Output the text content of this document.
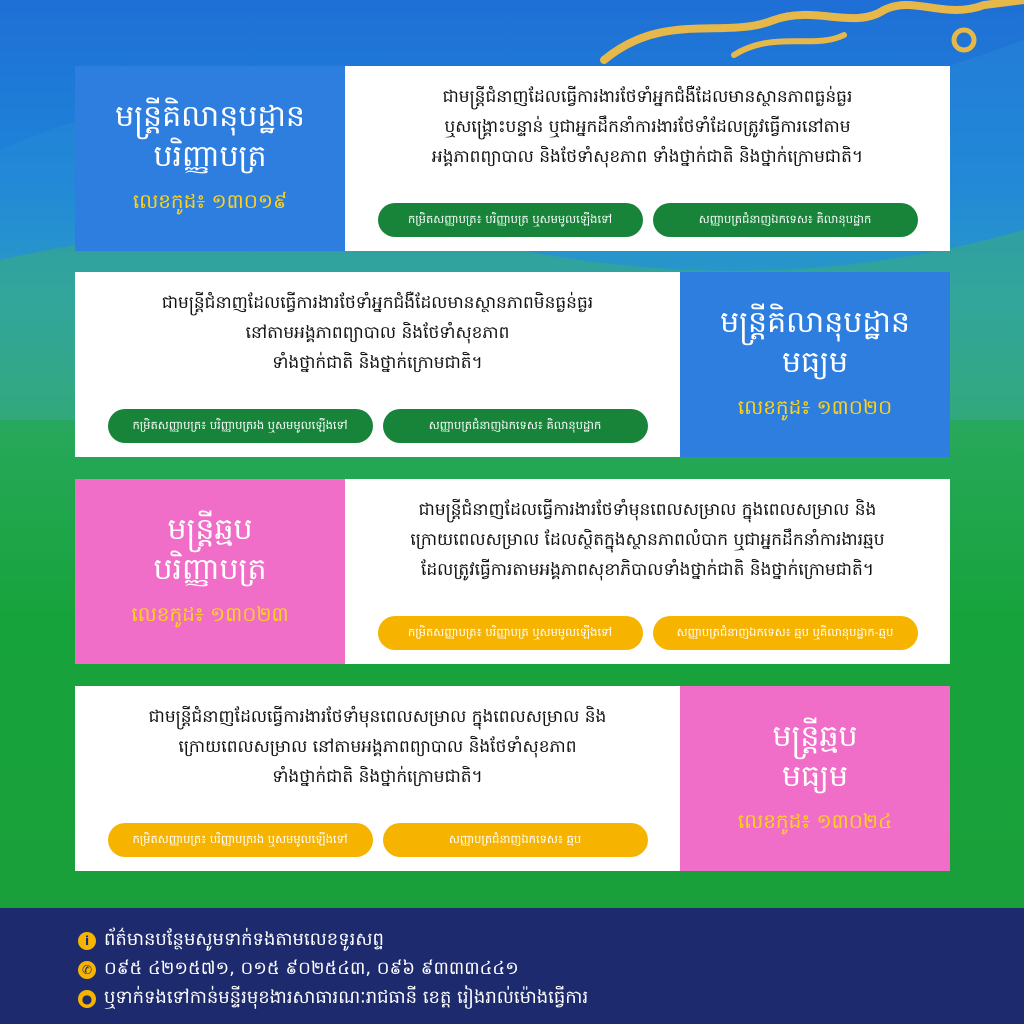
មន្ត្រីគិលានុបដ្ឋាន
បរិញ្ញាបត្រ
លេខកូដ៖ ១៣០១៩
ជាមន្ត្រីជំនាញដែលធ្វើការងារថែទាំអ្នកជំងឺដែលមានស្ថានភាពធ្ងន់ធ្ងរ
ឬសង្គ្រោះបន្ទាន់ ឬជាអ្នកដឹកនាំការងារថែទាំដែលត្រូវធ្វើការនៅតាម
អង្គភាពព្យាបាល និងថែទាំសុខភាព ទាំងថ្នាក់ជាតិ និងថ្នាក់ក្រោមជាតិ។
កម្រិតសញ្ញាបត្រ៖ បរិញ្ញាបត្រ ឬសមមូលឡើងទៅ	សញ្ញាបត្រជំនាញឯកទេស៖ គិលានុបដ្ឋាក
ជាមន្ត្រីជំនាញដែលធ្វើការងារថែទាំអ្នកជំងឺដែលមានស្ថានភាពមិនធ្ងន់ធ្ងរ
នៅតាមអង្គភាពព្យាបាល និងថែទាំសុខភាព
ទាំងថ្នាក់ជាតិ និងថ្នាក់ក្រោមជាតិ។
កម្រិតសញ្ញាបត្រ៖ បរិញ្ញាបត្ររង ឬសមមូលឡើងទៅ	សញ្ញាបត្រជំនាញឯកទេស៖ គិលានុបដ្ឋាក
មន្ត្រីគិលានុបដ្ឋាន
មធ្យម
លេខកូដ៖ ១៣០២០
មន្ត្រីឆ្មប
បរិញ្ញាបត្រ
លេខកូដ៖ ១៣០២៣
ជាមន្ត្រីជំនាញដែលធ្វើការងារថែទាំមុនពេលសម្រាល ក្នុងពេលសម្រាល និង
ក្រោយពេលសម្រាល ដែលស្ថិតក្នុងស្ថានភាពលំបាក ឬជាអ្នកដឹកនាំការងារឆ្មប
ដែលត្រូវធ្វើការតាមអង្គភាពសុខាភិបាលទាំងថ្នាក់ជាតិ និងថ្នាក់ក្រោមជាតិ។
កម្រិតសញ្ញាបត្រ៖ បរិញ្ញាបត្រ ឬសមមូលឡើងទៅ	សញ្ញាបត្រជំនាញឯកទេស៖ ឆ្មប ឬគិលានុបដ្ឋាក-ឆ្មប
ជាមន្ត្រីជំនាញដែលធ្វើការងារថែទាំមុនពេលសម្រាល ក្នុងពេលសម្រាល និង
ក្រោយពេលសម្រាល នៅតាមអង្គភាពព្យាបាល និងថែទាំសុខភាព
ទាំងថ្នាក់ជាតិ និងថ្នាក់ក្រោមជាតិ។
កម្រិតសញ្ញាបត្រ៖ បរិញ្ញាបត្ររង ឬសមមូលឡើងទៅ	សញ្ញាបត្រជំនាញឯកទេស៖ ឆ្មប
មន្ត្រីឆ្មប
មធ្យម
លេខកូដ៖ ១៣០២៤
i ព័ត៌មានបន្ថែមសូមទាក់ទងតាមលេខទូរសព្ទ
✆ ០៩៥ ៤២១៥៧១, ០១៥ ៩០២៥៤៣, ០៩៦ ៩៣៣៣៤៤១
● ឬទាក់ទងទៅកាន់មន្ទីរមុខងារសាធារណៈរាជធានី ខេត្ត រៀងរាល់ម៉ោងធ្វើការ
